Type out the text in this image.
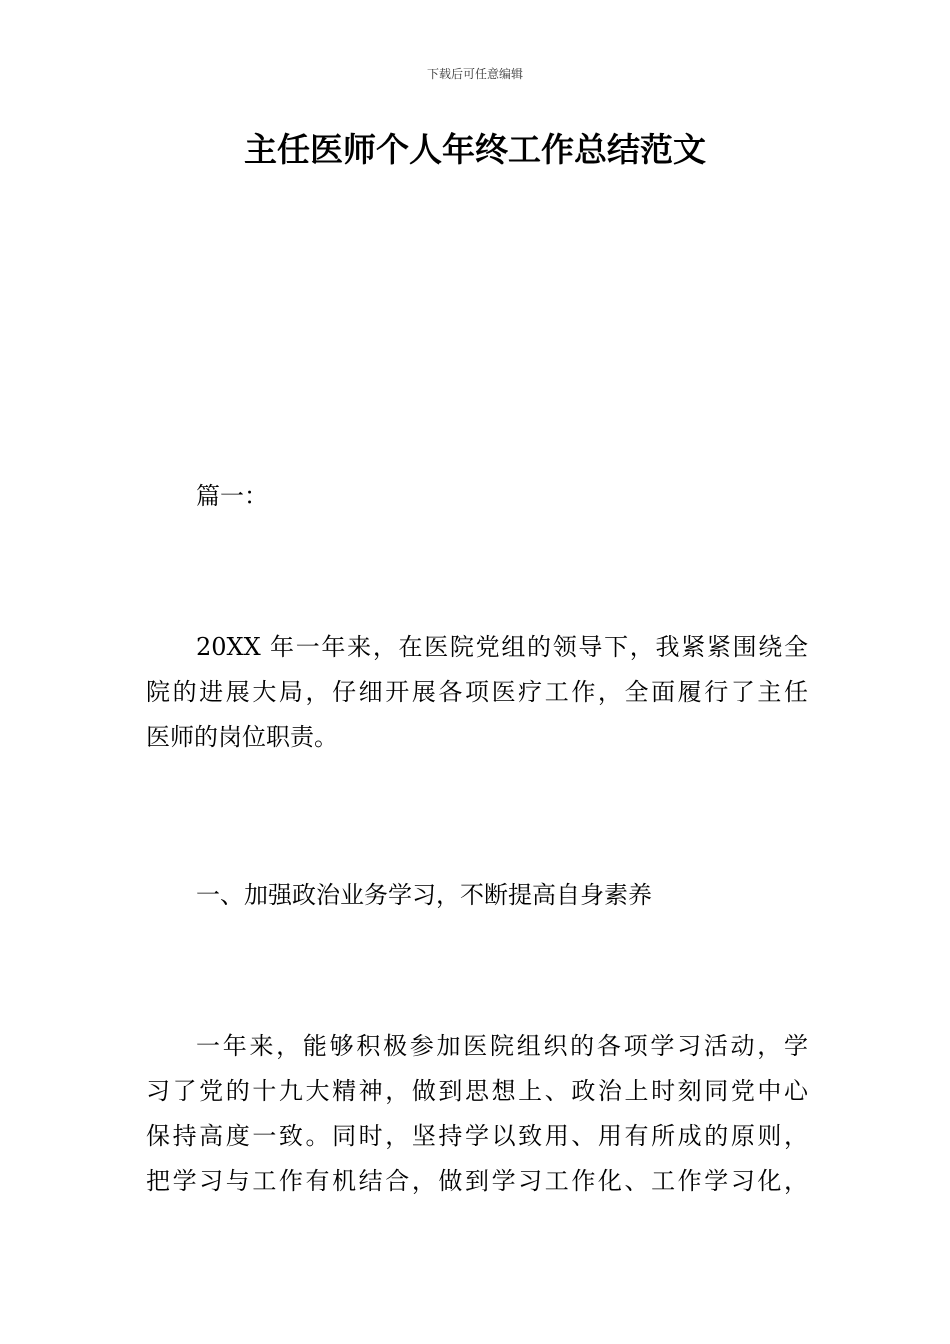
下载后可任意编辑
主任医师个人年终工作总结范文

篇一：

20XX 年一年来，在医院党组的领导下，我紧紧围绕全
院的进展大局，仔细开展各项医疗工作，全面履行了主任
医师的岗位职责。

一、加强政治业务学习，不断提高自身素养

一年来，能够积极参加医院组织的各项学习活动，学
习了党的十九大精神，做到思想上、政治上时刻同党中心
保持高度一致。同时，坚持学以致用、用有所成的原则，
把学习与工作有机结合，做到学习工作化、工作学习化，
